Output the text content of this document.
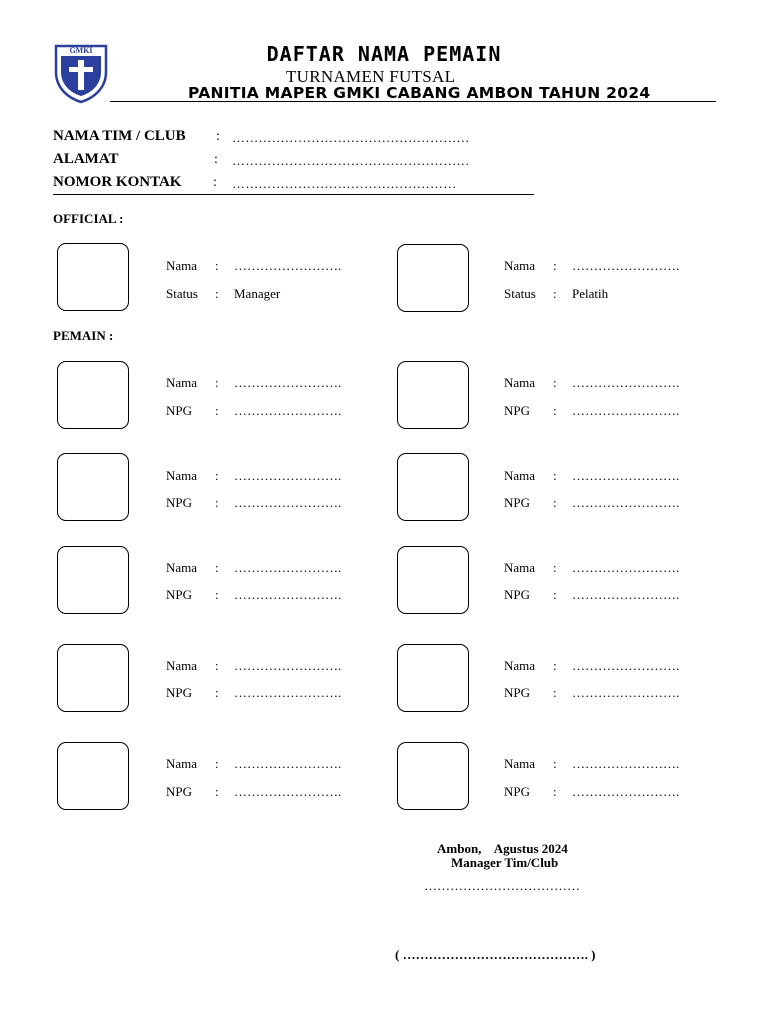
GMKI	DAFTAR NAMA PEMAIN
TURNAMEN FUTSAL
PANITIA MAPER GMKI CABANG AMBON TAHUN 2024
NAMA TIM / CLUB : ………………………………………………
ALAMAT	: ………………………………………………
NOMOR KONTAK : ……………………………………………
OFFICIAL :
Nama : …………………….
Status : Manager
Nama : …………………….
Status : Pelatih
PEMAIN :
Nama : …………………….
NPG : …………………….
Nama : …………………….
NPG : …………………….
Nama : …………………….
NPG : …………………….
Nama : …………………….
NPG : …………………….
Nama : …………………….
NPG : …………………….
Nama : …………………….
NPG : …………………….
Nama : …………………….
NPG : …………………….
Nama : …………………….
NPG : …………………….
Nama : …………………….
NPG : …………………….
Nama : …………………….
NPG : …………………….
Ambon,    Agustus 2024
Manager Tim/Club
………………………………
( ……………………………………. )
